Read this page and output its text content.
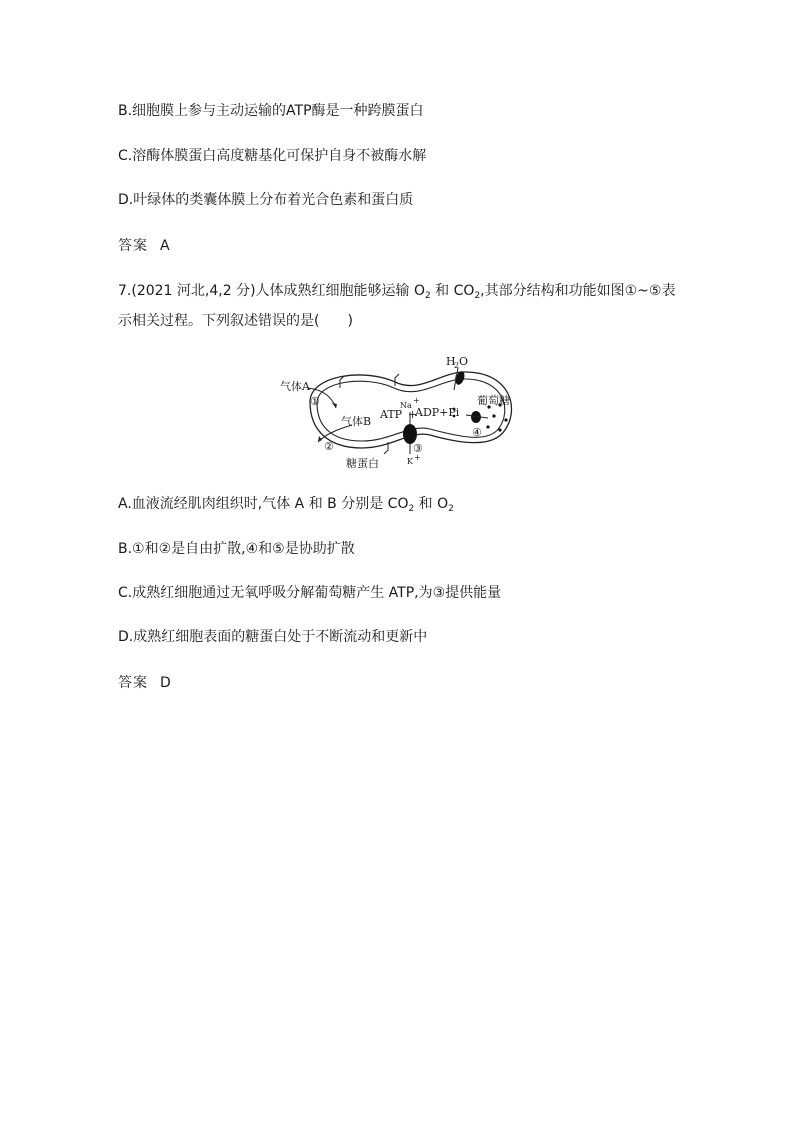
B.细胞膜上参与主动运输的ATP酶是一种跨膜蛋白
C.溶酶体膜蛋白高度糖基化可保护自身不被酶水解
D.叶绿体的类囊体膜上分布着光合色素和蛋白质
答案 A
7.(2021 河北,4,2 分)人体成熟红细胞能够运输 $O_2$ 和 $CO_2$,其部分结构和功能如图①~⑤表
示相关过程。下列叙述错误的是(　　)
气体A
①
气体B
ATP
Na
+
+
ADP+Pi
③
K +
H
2 O
⑤
葡萄糖
④
②
糖蛋白
A.血液流经肌肉组织时,气体 A 和 B 分别是 $CO_2$ 和 $O_2$
B.①和②是自由扩散,④和⑤是协助扩散
C.成熟红细胞通过无氧呼吸分解葡萄糖产生 ATP,为③提供能量
D.成熟红细胞表面的糖蛋白处于不断流动和更新中
答案 D
